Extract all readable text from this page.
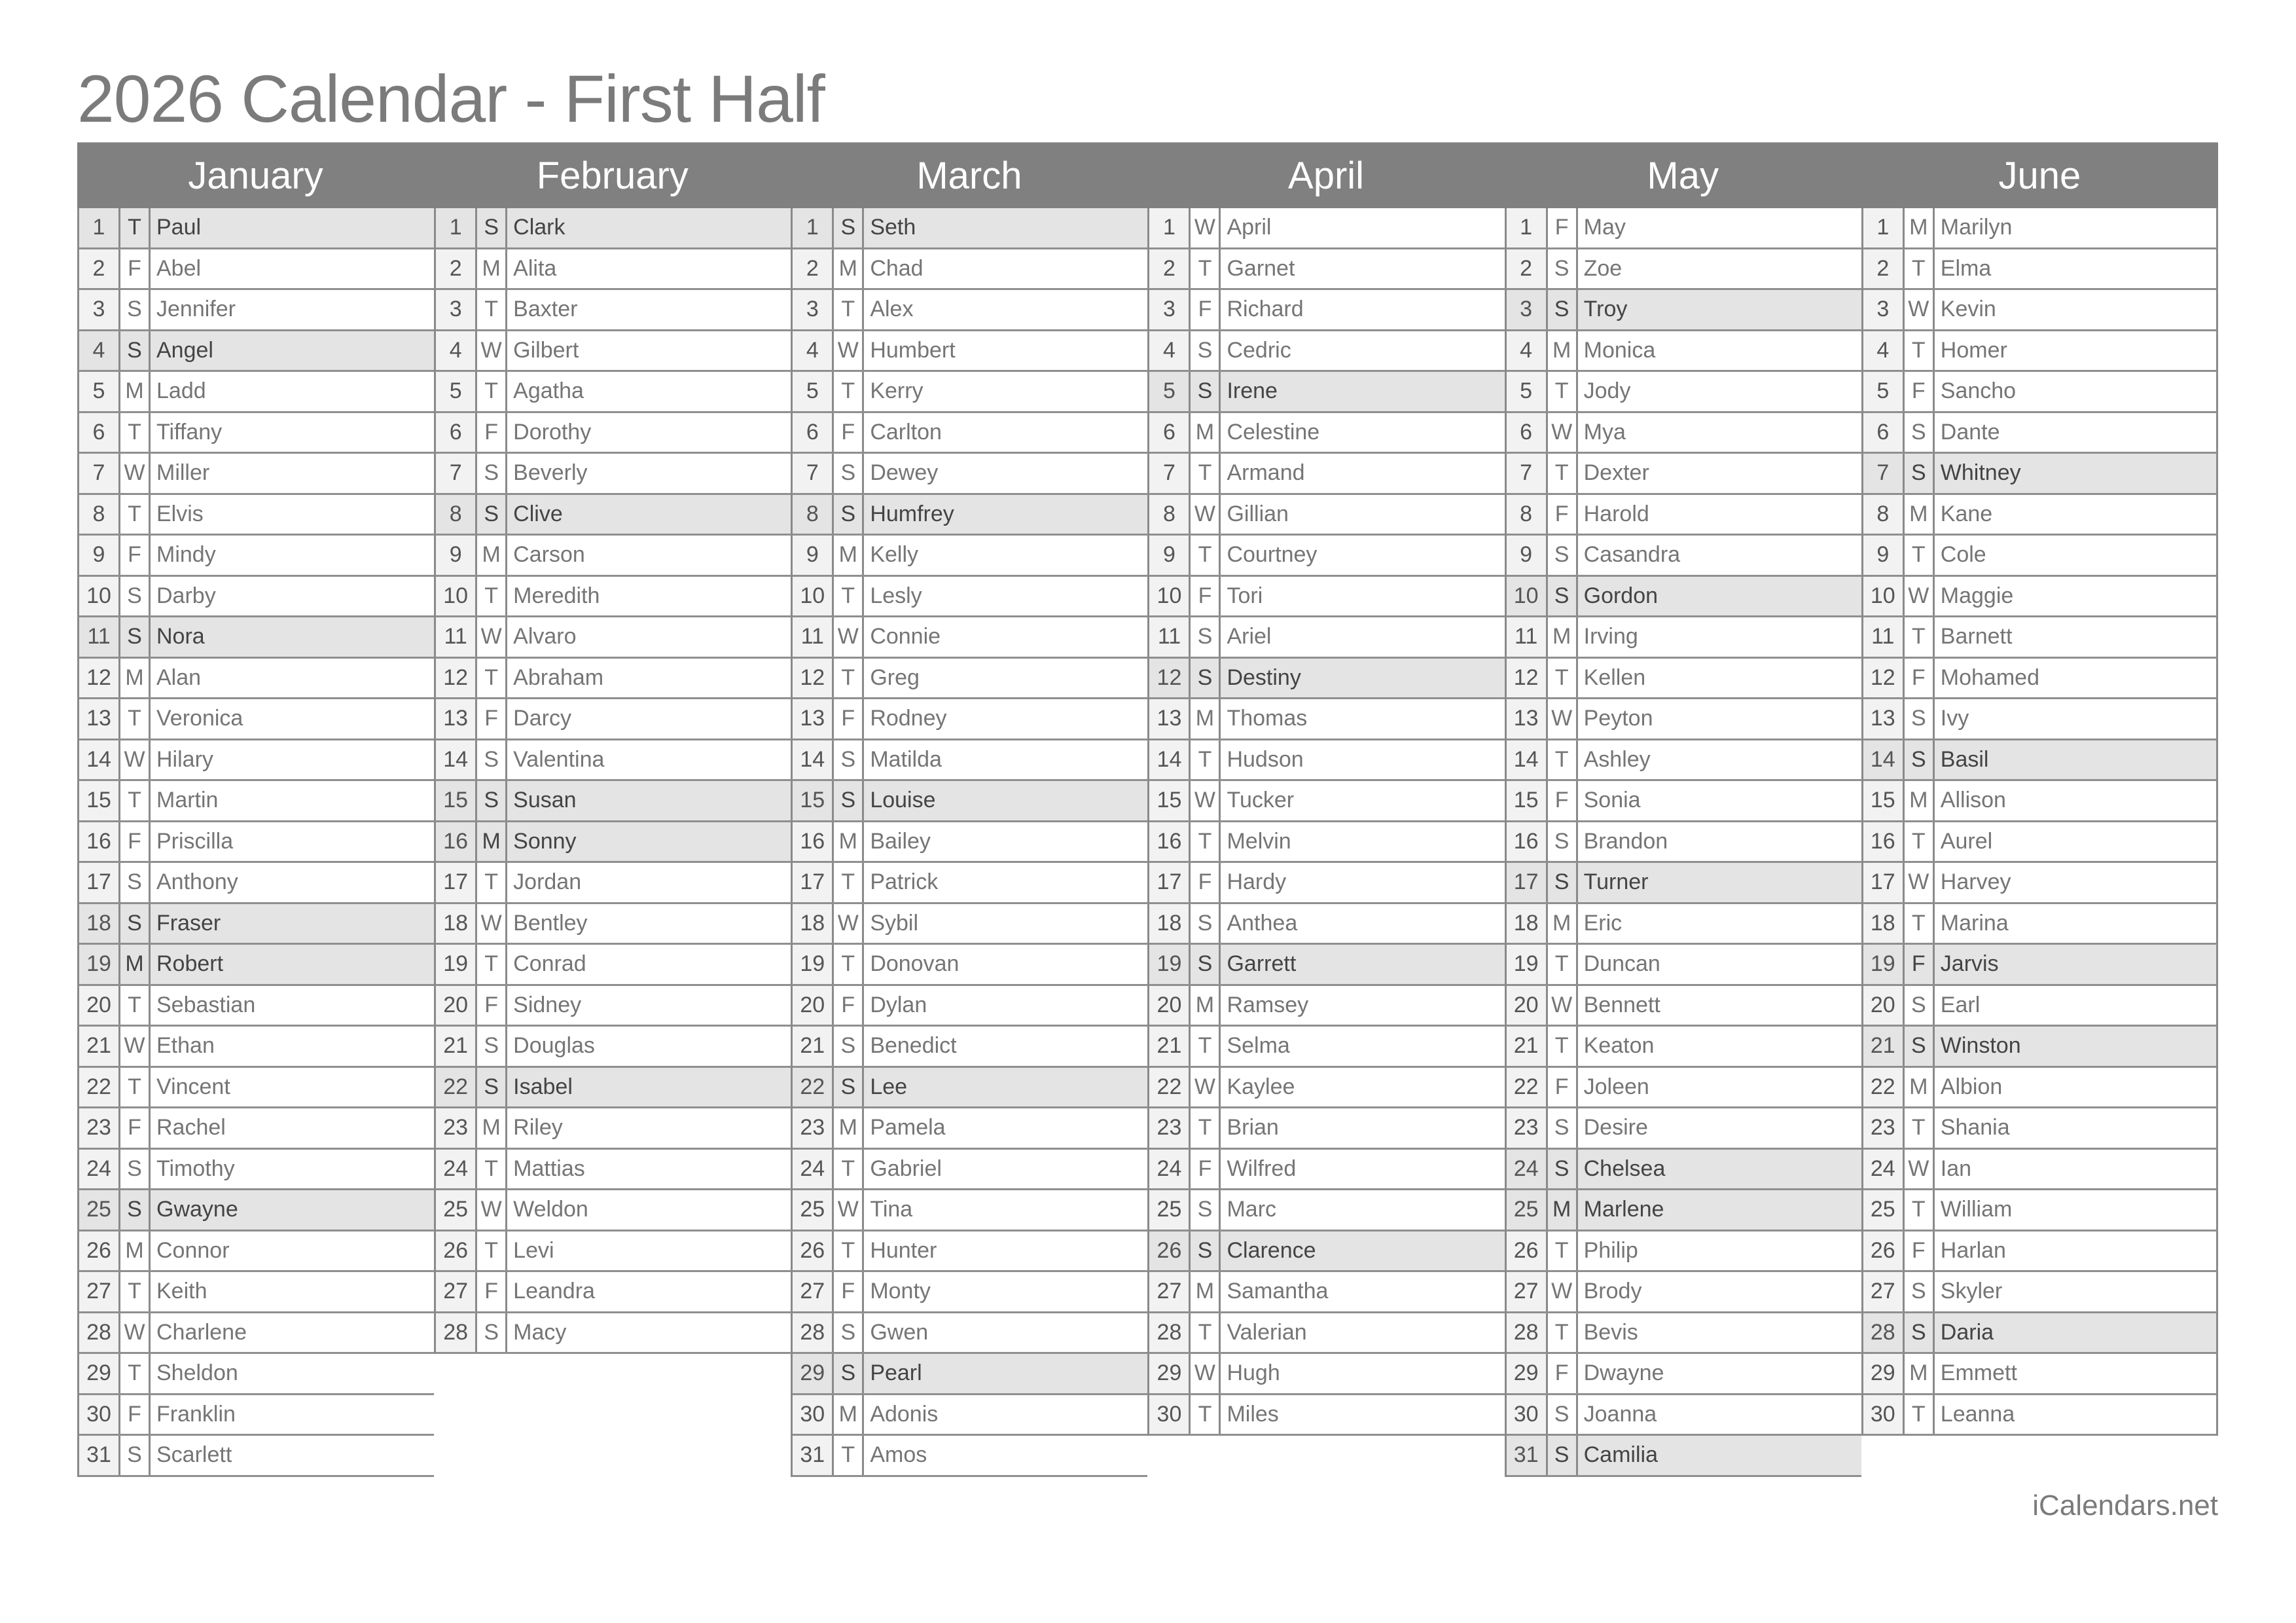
2026 Calendar - First Half
January
1	T Paul
2	F Abel
3 S Jennifer
4 S Angel
5 M Ladd
6	T Tiffany
7 W Miller
8	T Elvis
9	F Mindy
10 S Darby
11 S Nora
12 M Alan
13 T Veronica
14 W Hilary
15 T Martin
16 F Priscilla
17 S Anthony
18 S Fraser
19 M Robert
20 T Sebastian
21 W Ethan
22 T Vincent
23 F Rachel
24 S Timothy
25 S Gwayne
26 M Connor
27 T Keith
28 W Charlene
29 T Sheldon
30 F Franklin
31 S Scarlett
February
1 S Clark
2 M Alita
3	T Baxter
4 W Gilbert
5	T Agatha
6	F Dorothy
7 S Beverly
8 S Clive
9 M Carson
10 T Meredith
11 W Alvaro
12 T Abraham
13 F Darcy
14 S Valentina
15 S Susan
16 M Sonny
17 T Jordan
18 W Bentley
19 T Conrad
20 F Sidney
21 S Douglas
22 S Isabel
23 M Riley
24 T Mattias
25 W Weldon
26 T Levi
27 F Leandra
28 S Macy
March
1 S Seth
2 M Chad
3	T Alex
4 W Humbert
5	T Kerry
6	F Carlton
7 S Dewey
8 S Humfrey
9 M Kelly
10 T Lesly
11 W Connie
12 T Greg
13 F Rodney
14 S Matilda
15 S Louise
16 M Bailey
17 T Patrick
18 W Sybil
19 T Donovan
20 F Dylan
21 S Benedict
22 S Lee
23 M Pamela
24 T Gabriel
25 W Tina
26 T Hunter
27 F Monty
28 S Gwen
29 S Pearl
30 M Adonis
31 T Amos
April
1 W April
2	T Garnet
3	F Richard
4 S Cedric
5 S Irene
6 M Celestine
7	T Armand
8 W Gillian
9	T Courtney
10 F Tori
11 S Ariel
12 S Destiny
13 M Thomas
14 T Hudson
15 W Tucker
16 T Melvin
17 F Hardy
18 S Anthea
19 S Garrett
20 M Ramsey
21 T Selma
22 W Kaylee
23 T Brian
24 F Wilfred
25 S Marc
26 S Clarence
27 M Samantha
28 T Valerian
29 W Hugh
30 T Miles
May
1	F May
2 S Zoe
3 S Troy
4 M Monica
5	T Jody
6 W Mya
7	T Dexter
8	F Harold
9 S Casandra
10 S Gordon
11 M Irving
12 T Kellen
13 W Peyton
14 T Ashley
15 F Sonia
16 S Brandon
17 S Turner
18 M Eric
19 T Duncan
20 W Bennett
21 T Keaton
22 F Joleen
23 S Desire
24 S Chelsea
25 M Marlene
26 T Philip
27 W Brody
28 T Bevis
29 F Dwayne
30 S Joanna
31 S Camilia
June
1 M Marilyn
2	T Elma
3 W Kevin
4	T Homer
5	F Sancho
6 S Dante
7 S Whitney
8 M Kane
9	T Cole
10 W Maggie
11 T Barnett
12 F Mohamed
13 S Ivy
14 S Basil
15 M Allison
16 T Aurel
17 W Harvey
18 T Marina
19 F Jarvis
20 S Earl
21 S Winston
22 M Albion
23 T Shania
24 W Ian
25 T William
26 F Harlan
27 S Skyler
28 S Daria
29 M Emmett
30 T Leanna
iCalendars.net
